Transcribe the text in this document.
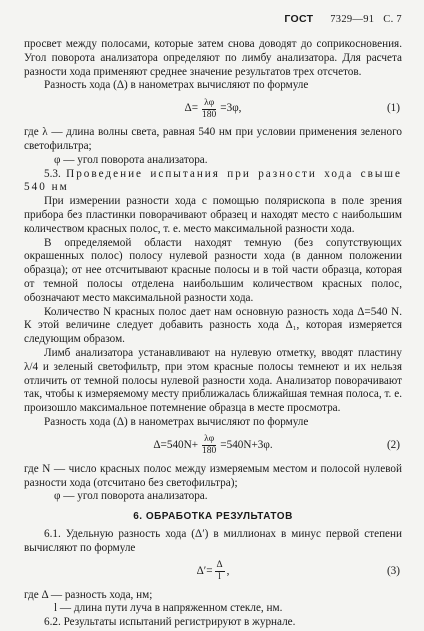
ГОСТ 7329—91 С. 7

просвет между полосами, которые затем снова доводят до соприкосновения. Угол поворота анализатора определяют по лимбу анализатора. Для расчета разности хода применяют среднее значение результатов трех отсчетов.

Разность хода (Δ) в нанометрах вычисляют по формуле

$\Delta= \frac{\lambda\varphi}{180} =3\varphi$,	(1)

где λ — длина волны света, равная 540 нм при условии применения зеленого светофильтра;

φ — угол поворота анализатора.

5.3. Проведение испытания при разности хода свыше 540 нм

При измерении разности хода с помощью полярископа в поле зрения прибора без пластинки поворачивают образец и находят место с наибольшим количеством красных полос, т. е. место максимальной разности хода.

В определяемой области находят темную (без сопутствующих окрашенных полос) полосу нулевой разности хода (в данном положении образца); от нее отсчитывают красные полосы и в той части образца, которая от темной полосы отделена наибольшим количеством красных полос, обозначают место максимальной разности хода.

Количество N красных полос дает нам основную разность хода Δ=540 N. К этой величине следует добавить разность хода Δ₁, которая измеряется следующим образом.

Лимб анализатора устанавливают на нулевую отметку, вводят пластину λ/4 и зеленый светофильтр, при этом красные полосы темнеют и их нельзя отличить от темной полосы нулевой разности хода. Анализатор поворачивают так, чтобы к измеряемому месту приближалась ближайшая темная полоса, т. е. произошло максимальное потемнение образца в месте просмотра.

Разность хода (Δ) в нанометрах вычисляют по формуле

$\Delta=540N+ \frac{\lambda\varphi}{180} =540N+3\varphi$.	(2)

где N — число красных полос между измеряемым местом и полосой нулевой разности хода (отсчитано без светофильтра);

φ — угол поворота анализатора.

6. ОБРАБОТКА РЕЗУЛЬТАТОВ

6.1. Удельную разность хода (Δ′) в миллионах в минус первой степени вычисляют по формуле

$\Delta'= \frac{\Delta}{l}$ ,	(3)

где Δ — разность хода, нм;

l — длина пути луча в напряженном стекле, нм.

6.2. Результаты испытаний регистрируют в журнале.
